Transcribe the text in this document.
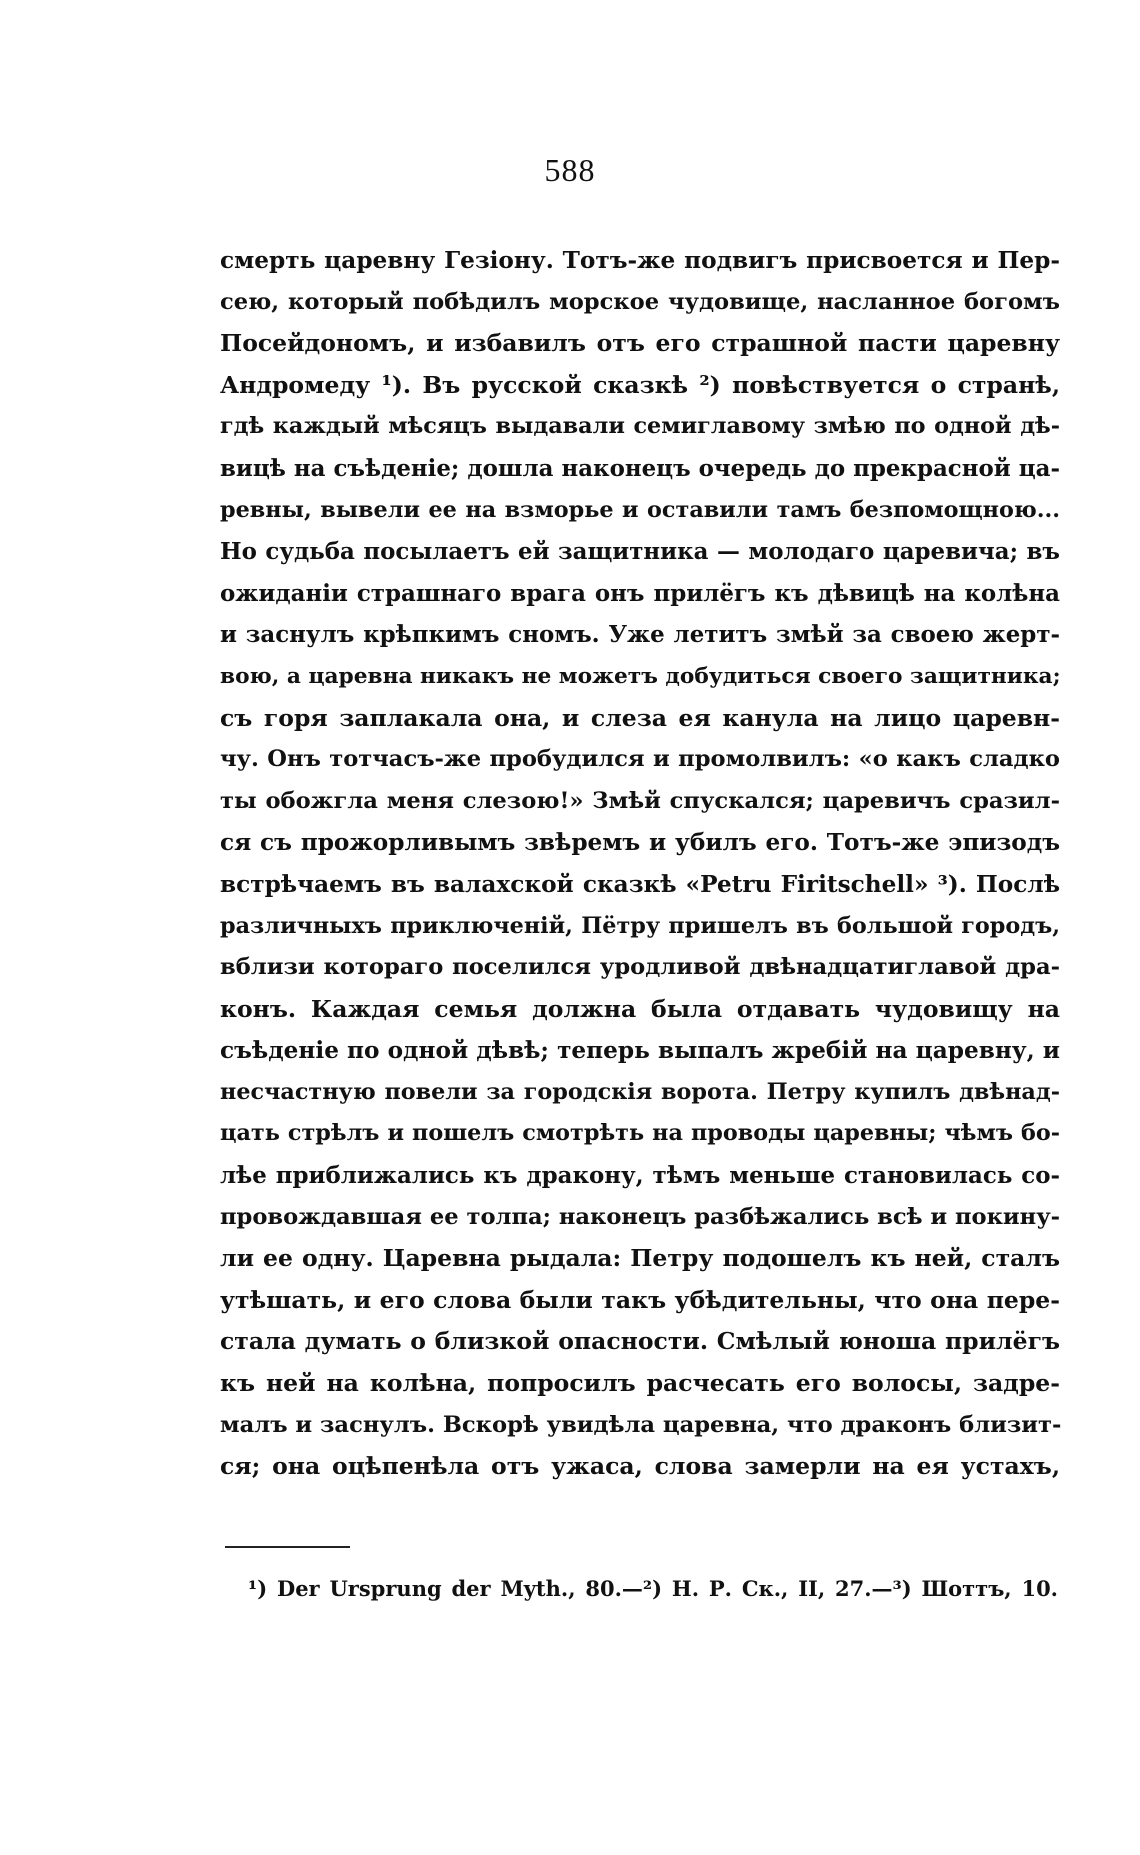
588
смерть царевну Гезіону. Тотъ-же подвигъ присвоется и Пер-
сею, который побѣдилъ морское чудовище, насланное богомъ
Посейдономъ, и избавилъ отъ его страшной пасти царевну
Андромеду ¹). Въ русской сказкѣ ²) повѣствуется о странѣ,
гдѣ каждый мѣсяцъ выдавали семиглавому змѣю по одной дѣ-
вицѣ на съѣденіе; дошла наконецъ очередь до прекрасной ца-
ревны, вывели ее на взморье и оставили тамъ безпомощною...
Но судьба посылаетъ ей защитника — молодаго царевича; въ
ожиданіи страшнаго врага онъ прилёгъ къ дѣвицѣ на колѣна
и заснулъ крѣпкимъ сномъ. Уже летитъ змѣй за своею жерт-
вою, а царевна никакъ не можетъ добудиться своего защитника;
съ горя заплакала она, и слеза ея канула на лицо царевн-
чу. Онъ тотчасъ-же пробудился и промолвилъ: «о какъ сладко
ты обожгла меня слезою!» Змѣй спускался; царевичъ сразил-
ся съ прожорливымъ звѣремъ и убилъ его. Тотъ-же эпизодъ
встрѣчаемъ въ валахской сказкѣ «Petru Firitschell» ³). Послѣ
различныхъ приключеній, Пётру пришелъ въ большой городъ,
вблизи котораго поселился уродливой двѣнадцатиглавой дра-
конъ. Каждая семья должна была отдавать чудовищу на
съѣденіе по одной дѣвѣ; теперь выпалъ жребій на царевну, и
несчастную повели за городскія ворота. Петру купилъ двѣнад-
цать стрѣлъ и пошелъ смотрѣть на проводы царевны; чѣмъ бо-
лѣе приближались къ дракону, тѣмъ меньше становилась со-
провождавшая ее толпа; наконецъ разбѣжались всѣ и покину-
ли ее одну. Царевна рыдала: Петру подошелъ къ ней, сталъ
утѣшать, и его слова были такъ убѣдительны, что она пере-
стала думать о близкой опасности. Смѣлый юноша прилёгъ
къ ней на колѣна, попросилъ расчесать его волосы, задре-
малъ и заснулъ. Вскорѣ увидѣла царевна, что драконъ близит-
ся; она оцѣпенѣла отъ ужаса, слова замерли на ея устахъ,
¹) Der Ursprung der Myth., 80.—²) Н. Р. Ск., II, 27.—³) Шоттъ, 10.
